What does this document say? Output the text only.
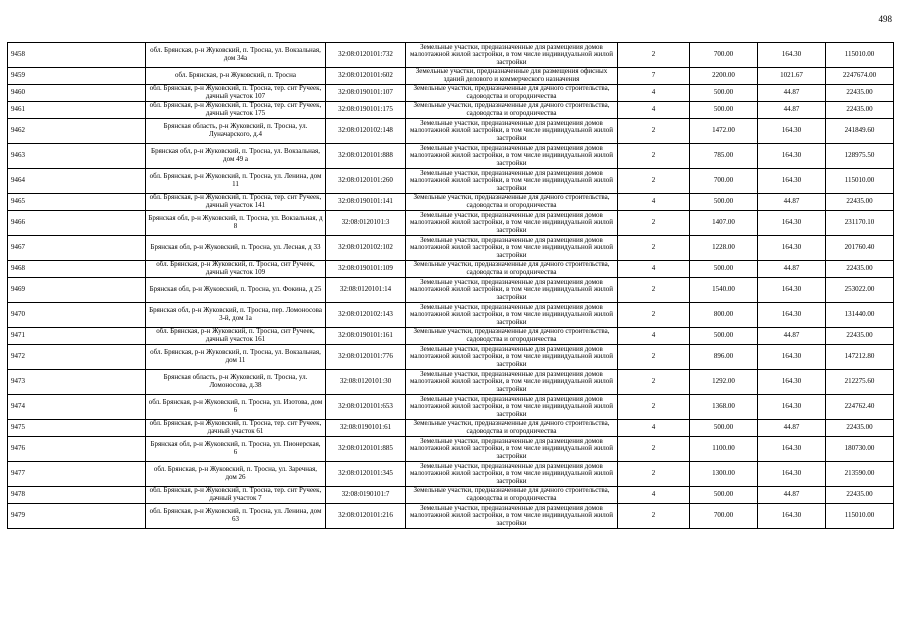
498
9458	обл. Брянская, р-н Жуковский, п. Тросна, ул. Вокзальная, дом 34а	32:08:0120101:732	Земельные участки, предназначенные для размещения домов малоэтажной жилой застройки, в том числе индивидуальной жилой застройки	2	700.00	164.30	115010.00
9459	обл. Брянская, р-н Жуковский, п. Тросна	32:08:0120101:602	Земельные участки, предназначенные для размещения офисных зданий делового и коммерческого назначения	7	2200.00	1021.67	2247674.00
9460	обл. Брянская, р-н Жуковский, п. Тросна, тер. снт Ручеек, дачный участок 107	32:08:0190101:107	Земельные участки, предназначенные для дачного строительства, садоводства и огородничества	4	500.00	44.87	22435.00
9461	обл. Брянская, р-н Жуковский, п. Тросна, тер. снт Ручеек, дачный участок 175	32:08:0190101:175	Земельные участки, предназначенные для дачного строительства, садоводства и огородничества	4	500.00	44.87	22435.00
9462	Брянская область, р-н Жуковский, п. Тросна, ул. Луначарского, д.4	32:08:0120102:148	Земельные участки, предназначенные для размещения домов малоэтажной жилой застройки, в том числе индивидуальной жилой застройки	2	1472.00	164.30	241849.60
9463	Брянская обл, р-н Жуковский, п. Тросна, ул. Вокзальная, дом 49 а	32:08:0120101:888	Земельные участки, предназначенные для размещения домов малоэтажной жилой застройки, в том числе индивидуальной жилой застройки	2	785.00	164.30	128975.50
9464	обл. Брянская, р-н Жуковский, п. Тросна, ул. Ленина, дом 11	32:08:0120101:260	Земельные участки, предназначенные для размещения домов малоэтажной жилой застройки, в том числе индивидуальной жилой застройки	2	700.00	164.30	115010.00
9465	обл. Брянская, р-н Жуковский, п. Тросна, тер. снт Ручеек, дачный участок 141	32:08:0190101:141	Земельные участки, предназначенные для дачного строительства, садоводства и огородничества	4	500.00	44.87	22435.00
9466	Брянская обл, р-н Жуковский, п. Тросна, ул. Вокзальная, д 8	32:08:0120101:3	Земельные участки, предназначенные для размещения домов малоэтажной жилой застройки, в том числе индивидуальной жилой застройки	2	1407.00	164.30	231170.10
9467	Брянская обл, р-н Жуковский, п. Тросна, ул. Лесная, д 33	32:08:0120102:102	Земельные участки, предназначенные для размещения домов малоэтажной жилой застройки, в том числе индивидуальной жилой застройки	2	1228.00	164.30	201760.40
9468	обл. Брянская, р-н Жуковский, п. Тросна, снт Ручеек, дачный участок 109	32:08:0190101:109	Земельные участки, предназначенные для дачного строительства, садоводства и огородничества	4	500.00	44.87	22435.00
9469	Брянская обл, р-н Жуковский, п. Тросна, ул. Фокина, д 25	32:08:0120101:14	Земельные участки, предназначенные для размещения домов малоэтажной жилой застройки, в том числе индивидуальной жилой застройки	2	1540.00	164.30	253022.00
9470	Брянская обл, р-н Жуковский, п. Тросна, пер. Ломоносова 3-й, дом 1а	32:08:0120102:143	Земельные участки, предназначенные для размещения домов малоэтажной жилой застройки, в том числе индивидуальной жилой застройки	2	800.00	164.30	131440.00
9471	обл. Брянская, р-н Жуковский, п. Тросна, снт Ручеек, дачный участок 161	32:08:0190101:161	Земельные участки, предназначенные для дачного строительства, садоводства и огородничества	4	500.00	44.87	22435.00
9472	обл. Брянская, р-н Жуковский, п. Тросна, ул. Вокзальная, дом 11	32:08:0120101:776	Земельные участки, предназначенные для размещения домов малоэтажной жилой застройки, в том числе индивидуальной жилой застройки	2	896.00	164.30	147212.80
9473	Брянская область, р-н Жуковский, п. Тросна, ул. Ломоносова, д.38	32:08:0120101:30	Земельные участки, предназначенные для размещения домов малоэтажной жилой застройки, в том числе индивидуальной жилой застройки	2	1292.00	164.30	212275.60
9474	обл. Брянская, р-н Жуковский, п. Тросна, ул. Изотова, дом 6	32:08:0120101:653	Земельные участки, предназначенные для размещения домов малоэтажной жилой застройки, в том числе индивидуальной жилой застройки	2	1368.00	164.30	224762.40
9475	обл. Брянская, р-н Жуковский, п. Тросна, тер. снт Ручеек, дачный участок 61	32:08:0190101:61	Земельные участки, предназначенные для дачного строительства, садоводства и огородничества	4	500.00	44.87	22435.00
9476	Брянская обл, р-н Жуковский, п. Тросна, ул. Пионерская, 6	32:08:0120101:885	Земельные участки, предназначенные для размещения домов малоэтажной жилой застройки, в том числе индивидуальной жилой застройки	2	1100.00	164.30	180730.00
9477	обл. Брянская, р-н Жуковский, п. Тросна, ул. Заречная, дом 26	32:08:0120101:345	Земельные участки, предназначенные для размещения домов малоэтажной жилой застройки, в том числе индивидуальной жилой застройки	2	1300.00	164.30	213590.00
9478	обл. Брянская, р-н Жуковский, п. Тросна, тер. снт Ручеек, дачный участок 7	32:08:0190101:7	Земельные участки, предназначенные для дачного строительства, садоводства и огородничества	4	500.00	44.87	22435.00
9479	обл. Брянская, р-н Жуковский, п. Тросна, ул. Ленина, дом 63	32:08:0120101:216	Земельные участки, предназначенные для размещения домов малоэтажной жилой застройки, в том числе индивидуальной жилой застройки	2	700.00	164.30	115010.00
